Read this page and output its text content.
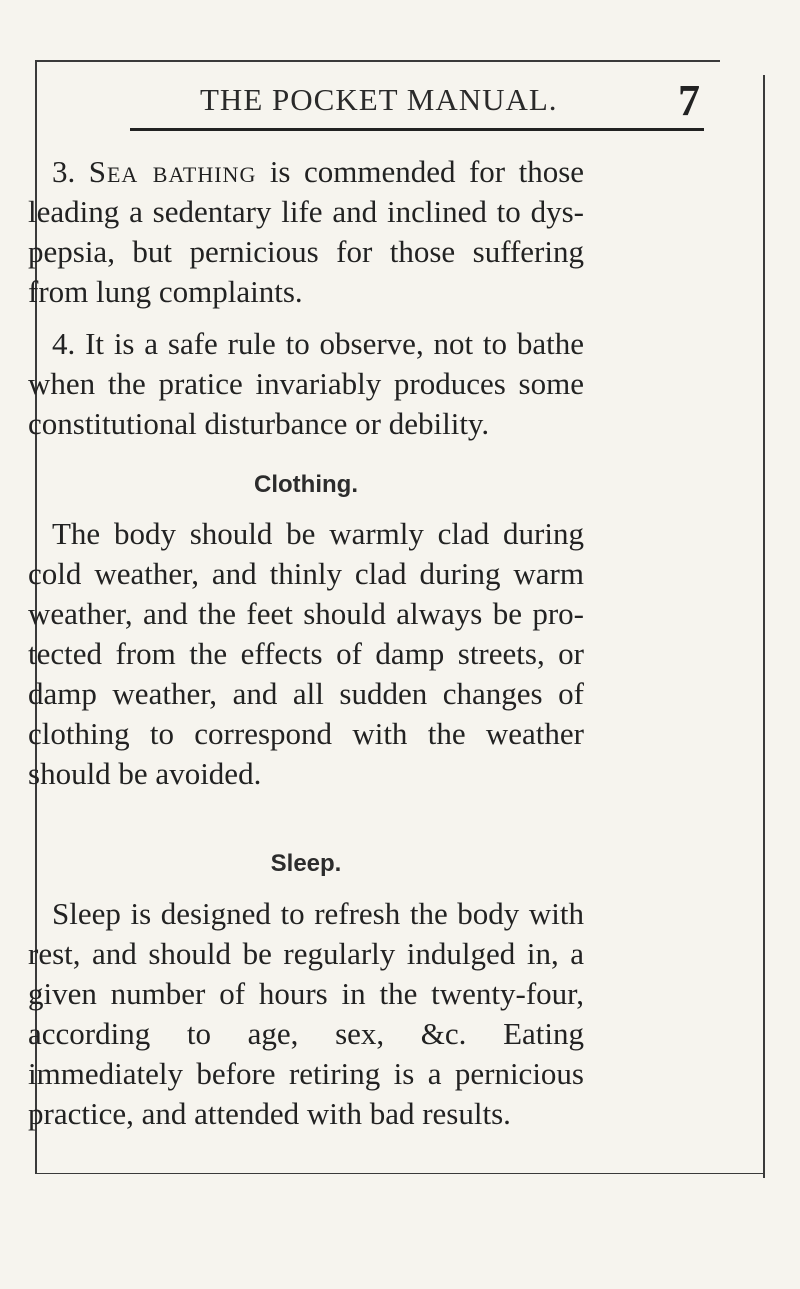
THE POCKET MANUAL.	7

3. Sea bathing is commended for those leading a sedentary life and inclined to dys-pepsia, but pernicious for those suffering from lung complaints.

4. It is a safe rule to observe, not to bathe when the pratice invariably produces some constitutional disturbance or debility.

Clothing.

The body should be warmly clad during cold weather, and thinly clad during warm weather, and the feet should always be pro-tected from the effects of damp streets, or damp weather, and all sudden changes of clothing to correspond with the weather should be avoided.

Sleep.

Sleep is designed to refresh the body with rest, and should be regularly indulged in, a given number of hours in the twenty-four, according to age, sex, &c. Eating immediately before retiring is a pernicious practice, and attended with bad results.
